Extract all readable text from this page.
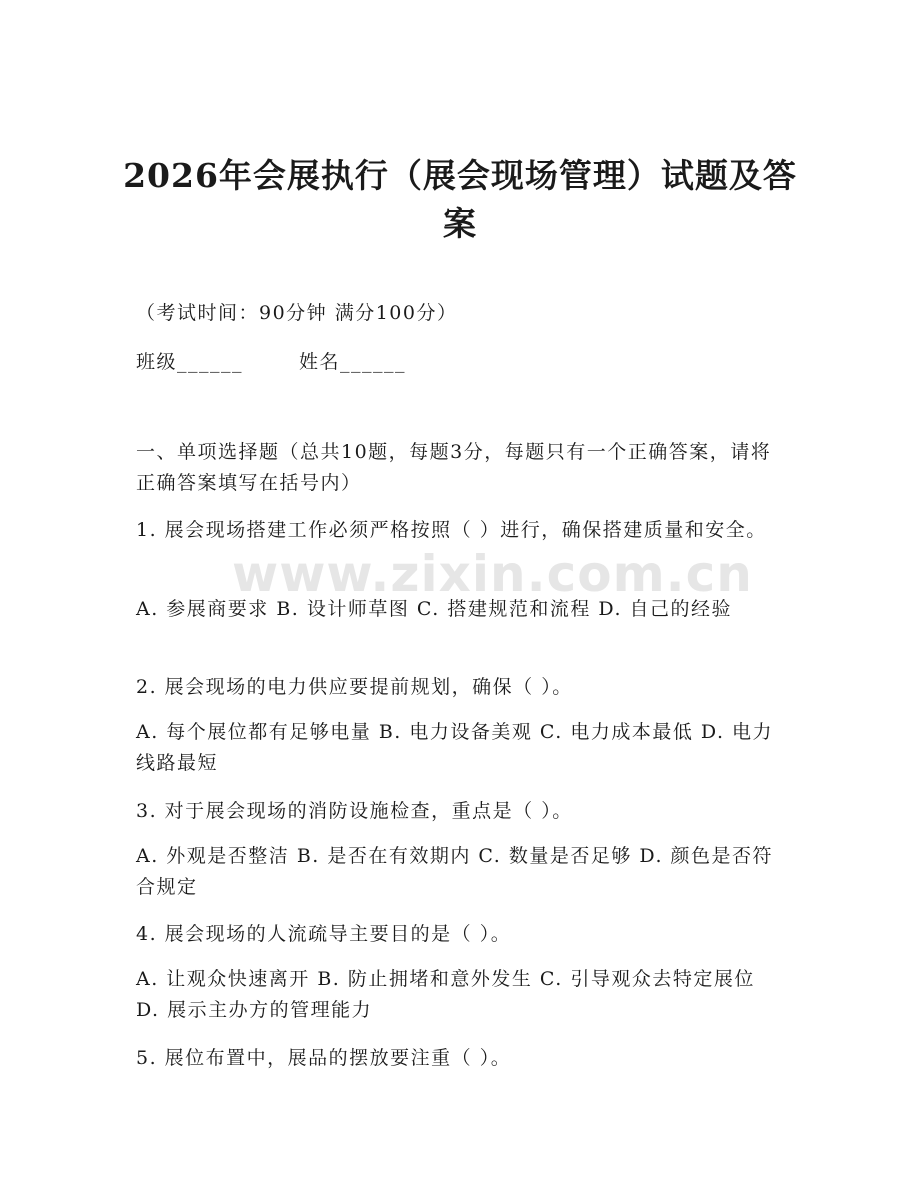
www.zixin.com.cn
2026年会展执行（展会现场管理）试题及答案
（考试时间：90分钟 满分100分）
班级______	姓名______
一、单项选择题（总共10题，每题3分，每题只有一个正确答案，请将正确答案填写在括号内）
1. 展会现场搭建工作必须严格按照（ ）进行，确保搭建质量和安全。
A. 参展商要求 B. 设计师草图 C. 搭建规范和流程 D. 自己的经验
2. 展会现场的电力供应要提前规划，确保（ ）。
A. 每个展位都有足够电量 B. 电力设备美观 C. 电力成本最低 D. 电力线路最短
3. 对于展会现场的消防设施检查，重点是（ ）。
A. 外观是否整洁 B. 是否在有效期内 C. 数量是否足够 D. 颜色是否符合规定
4. 展会现场的人流疏导主要目的是（ ）。
A. 让观众快速离开 B. 防止拥堵和意外发生 C. 引导观众去特定展位 D. 展示主办方的管理能力
5. 展位布置中，展品的摆放要注重（ ）。
